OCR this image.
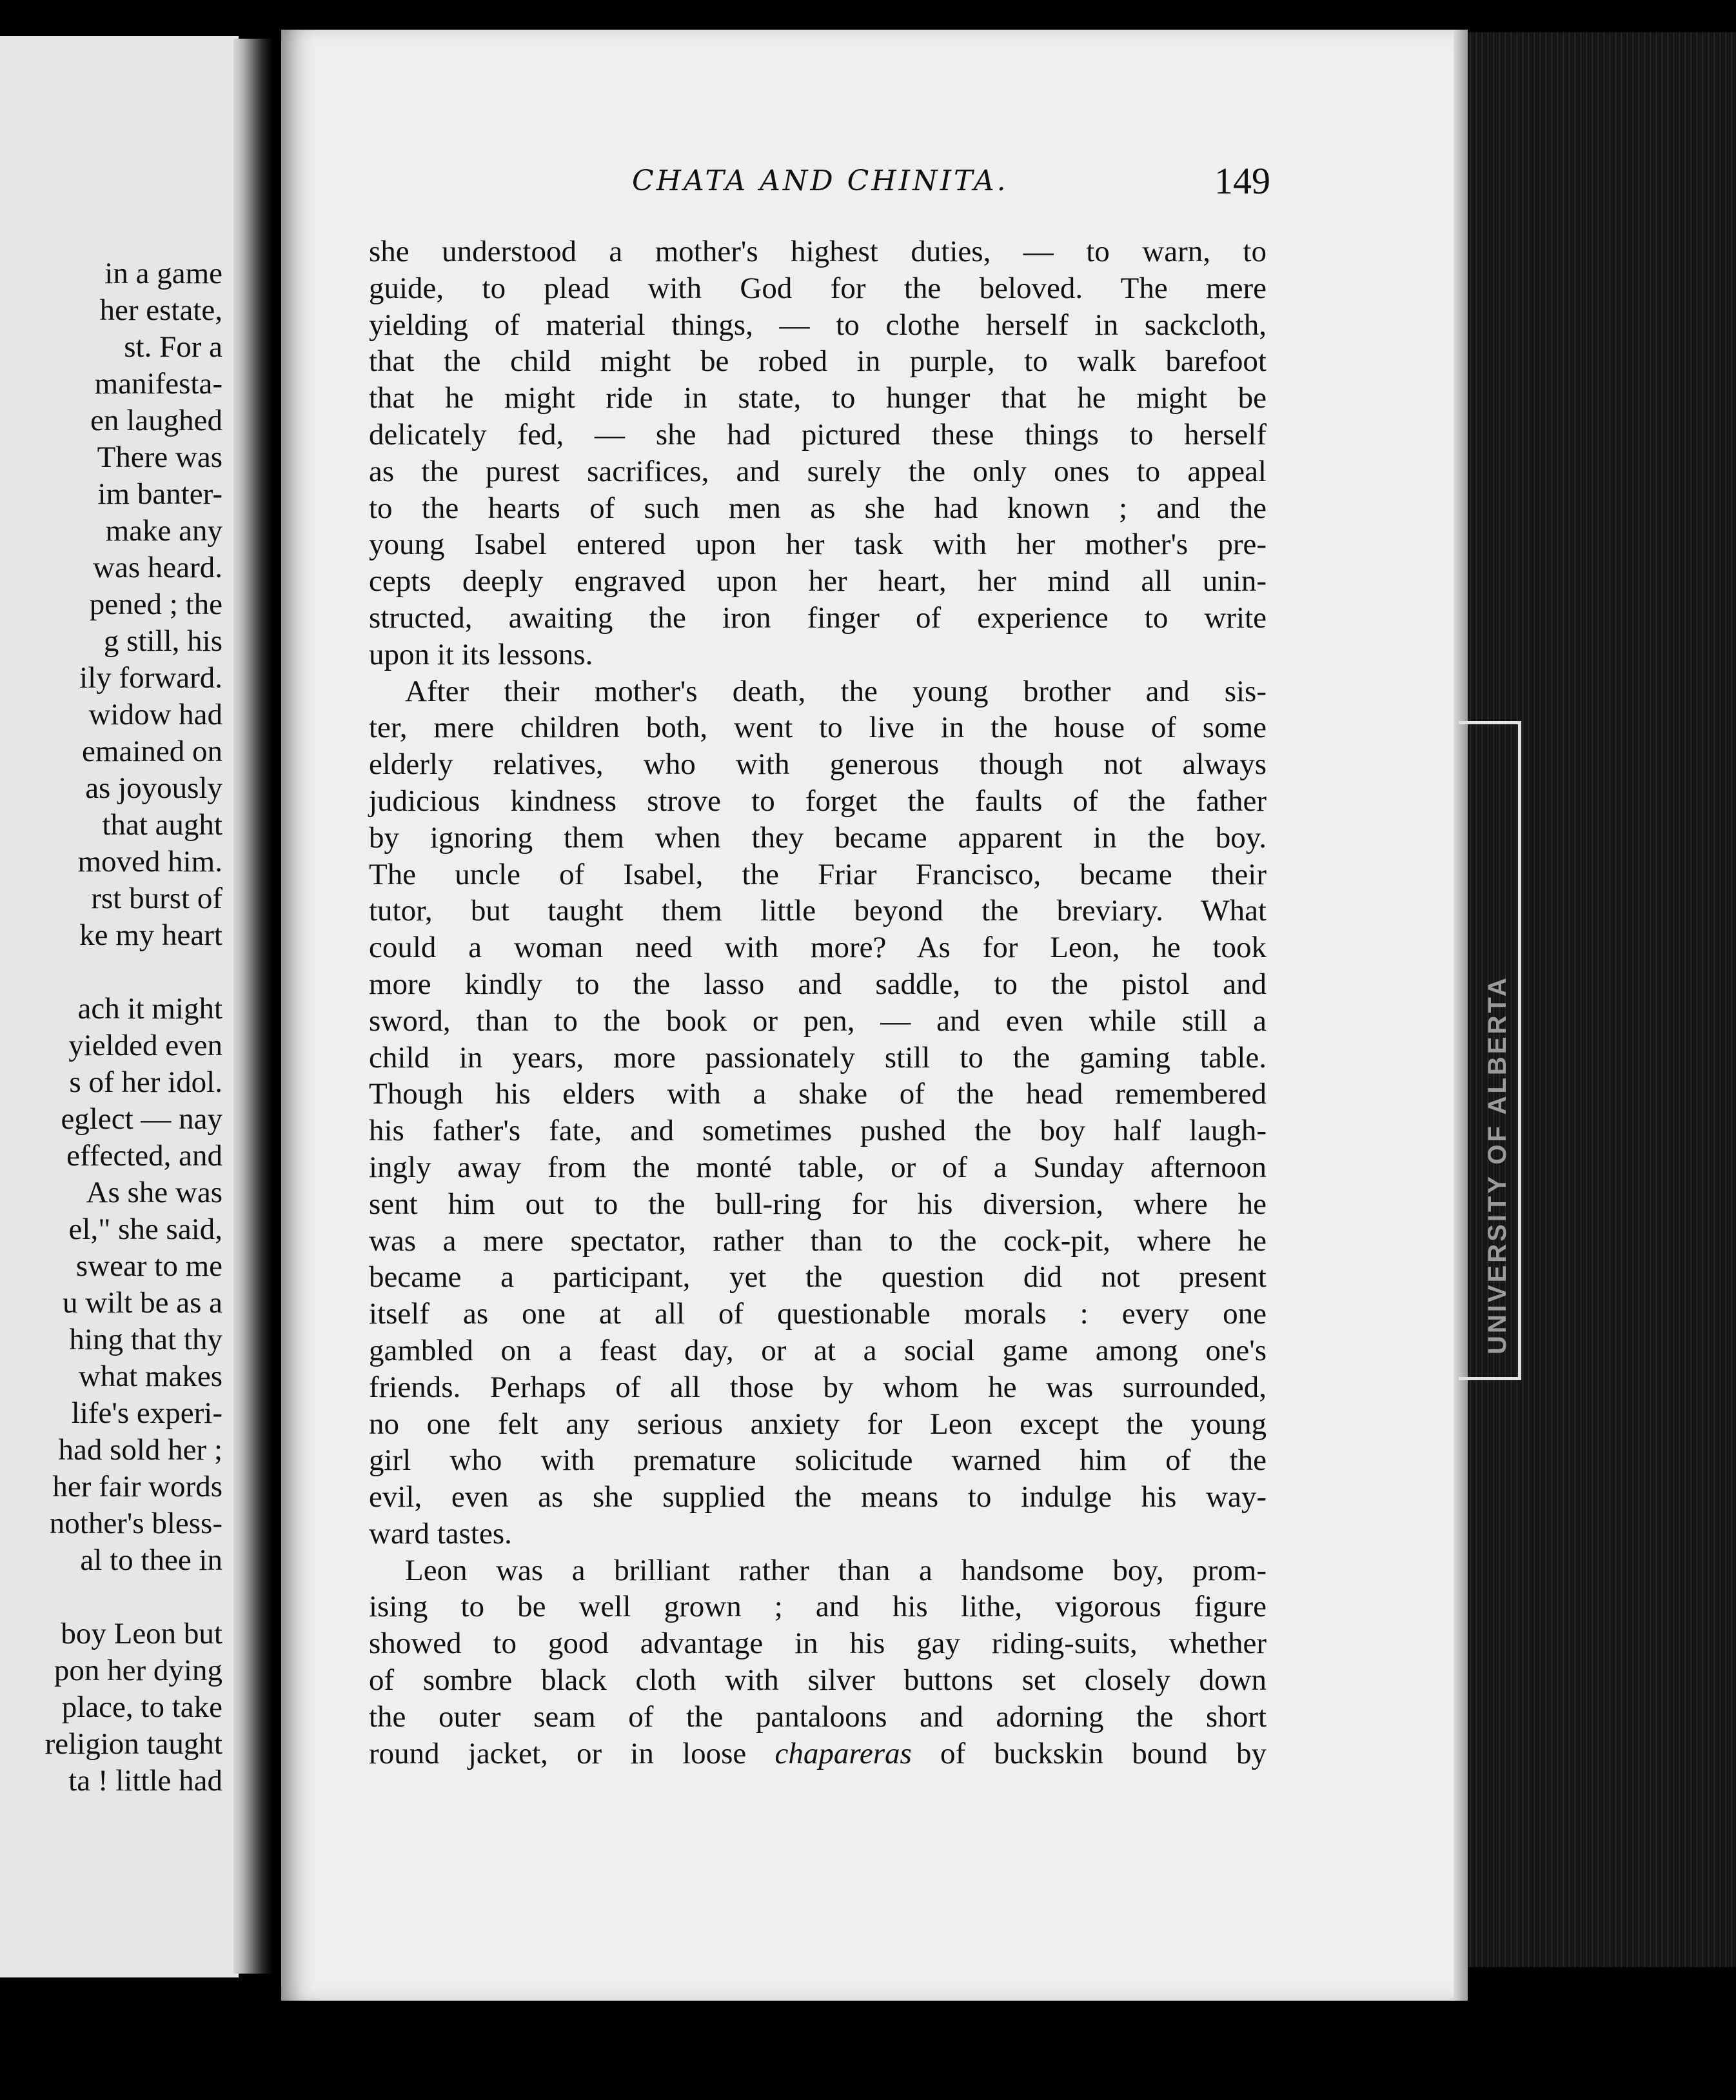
in a game
her estate,
st. For a
manifesta-
en laughed
There was
im banter-
make any
was heard.
pened ; the
g still, his
ily forward.
widow had
emained on
as joyously
that aught
moved him.
rst burst of
ke my heart
ach it might
yielded even
s of her idol.
eglect — nay
effected, and
As she was
el," she said,
swear to me
u wilt be as a
hing that thy
what makes
life's experi-
had sold her ;
her fair words
nother's bless-
al to thee in
boy Leon but
pon her dying
place, to take
religion taught
ta ! little had
UNIVERSITY OF ALBERTA
CHATA AND CHINITA.	149
she understood a mother's highest duties, — to warn, to
guide, to plead with God for the beloved. The mere
yielding of material things, — to clothe herself in sackcloth,
that the child might be robed in purple, to walk barefoot
that he might ride in state, to hunger that he might be
delicately fed, — she had pictured these things to herself
as the purest sacrifices, and surely the only ones to appeal
to the hearts of such men as she had known ; and the
young Isabel entered upon her task with her mother's pre-
cepts deeply engraved upon her heart, her mind all unin-
structed, awaiting the iron finger of experience to write
upon it its lessons.
After their mother's death, the young brother and sis-
ter, mere children both, went to live in the house of some
elderly relatives, who with generous though not always
judicious kindness strove to forget the faults of the father
by ignoring them when they became apparent in the boy.
The uncle of Isabel, the Friar Francisco, became their
tutor, but taught them little beyond the breviary. What
could a woman need with more? As for Leon, he took
more kindly to the lasso and saddle, to the pistol and
sword, than to the book or pen, — and even while still a
child in years, more passionately still to the gaming table.
Though his elders with a shake of the head remembered
his father's fate, and sometimes pushed the boy half laugh-
ingly away from the monté table, or of a Sunday afternoon
sent him out to the bull-ring for his diversion, where he
was a mere spectator, rather than to the cock-pit, where he
became a participant, yet the question did not present
itself as one at all of questionable morals : every one
gambled on a feast day, or at a social game among one's
friends. Perhaps of all those by whom he was surrounded,
no one felt any serious anxiety for Leon except the young
girl who with premature solicitude warned him of the
evil, even as she supplied the means to indulge his way-
ward tastes.
Leon was a brilliant rather than a handsome boy, prom-
ising to be well grown ; and his lithe, vigorous figure
showed to good advantage in his gay riding-suits, whether
of sombre black cloth with silver buttons set closely down
the outer seam of the pantaloons and adorning the short
round jacket, or in loose chapareras of buckskin bound by
